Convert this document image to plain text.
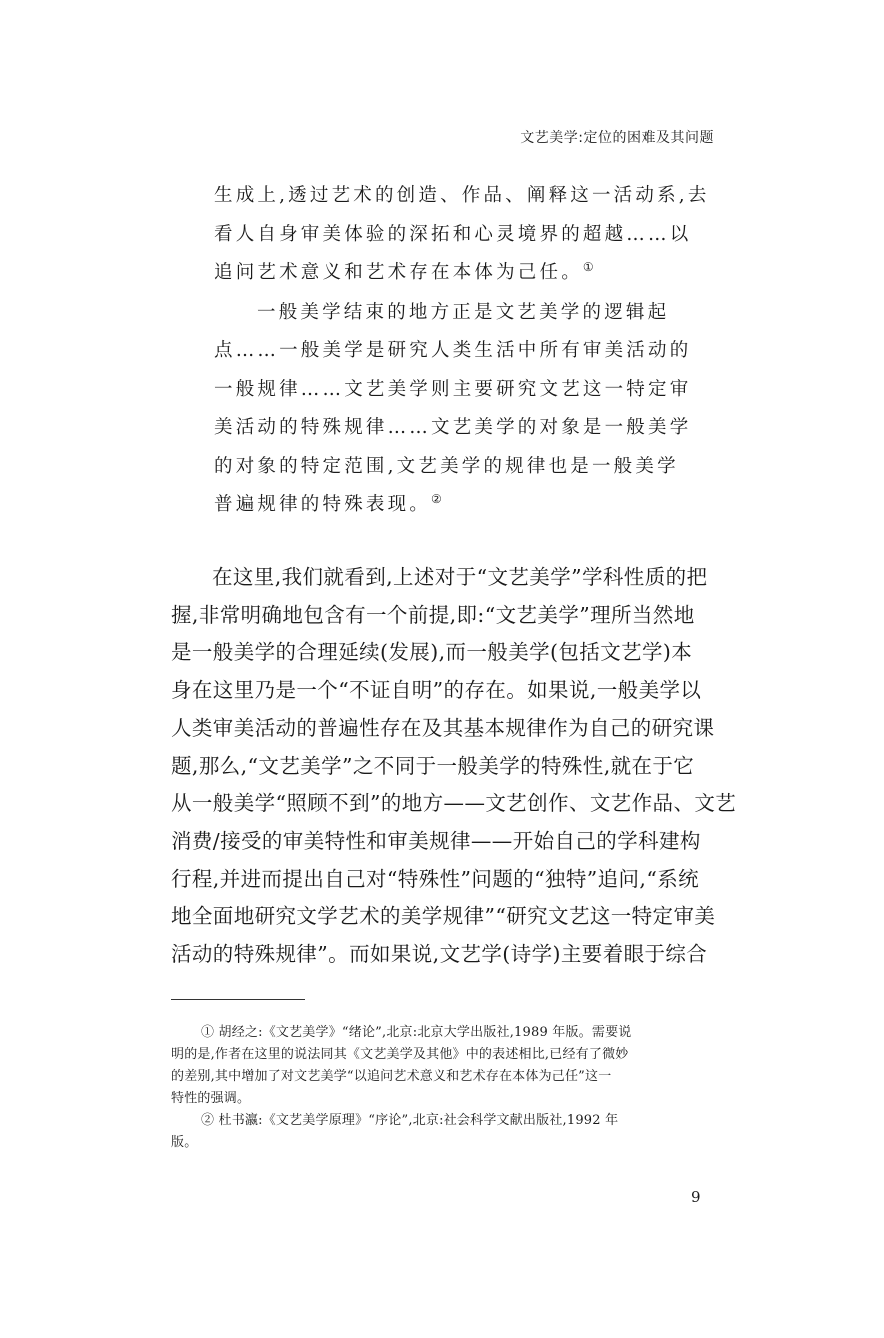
文艺美学:定位的困难及其问题
生成上,透过艺术的创造、作品、阐释这一活动系,去
看人自身审美体验的深拓和心灵境界的超越……以
追问艺术意义和艺术存在本体为己任。①
一般美学结束的地方正是文艺美学的逻辑起
点……一般美学是研究人类生活中所有审美活动的
一般规律……文艺美学则主要研究文艺这一特定审
美活动的特殊规律……文艺美学的对象是一般美学
的对象的特定范围,文艺美学的规律也是一般美学
普遍规律的特殊表现。②
在这里,我们就看到,上述对于“文艺美学”学科性质的把
握,非常明确地包含有一个前提,即:“文艺美学”理所当然地
是一般美学的合理延续(发展),而一般美学(包括文艺学)本
身在这里乃是一个“不证自明”的存在。如果说,一般美学以
人类审美活动的普遍性存在及其基本规律作为自己的研究课
题,那么,“文艺美学”之不同于一般美学的特殊性,就在于它
从一般美学“照顾不到”的地方——文艺创作、文艺作品、文艺
消费/接受的审美特性和审美规律——开始自己的学科建构
行程,并进而提出自己对“特殊性”问题的“独特”追问,“系统
地全面地研究文学艺术的美学规律”“研究文艺这一特定审美
活动的特殊规律”。而如果说,文艺学(诗学)主要着眼于综合
① 胡经之:《文艺美学》“绪论”,北京:北京大学出版社,1989 年版。需要说
明的是,作者在这里的说法同其《文艺美学及其他》中的表述相比,已经有了微妙
的差别,其中增加了对文艺美学“以追问艺术意义和艺术存在本体为己任”这一
特性的强调。
② 杜书瀛:《文艺美学原理》“序论”,北京:社会科学文献出版社,1992 年
版。
9
